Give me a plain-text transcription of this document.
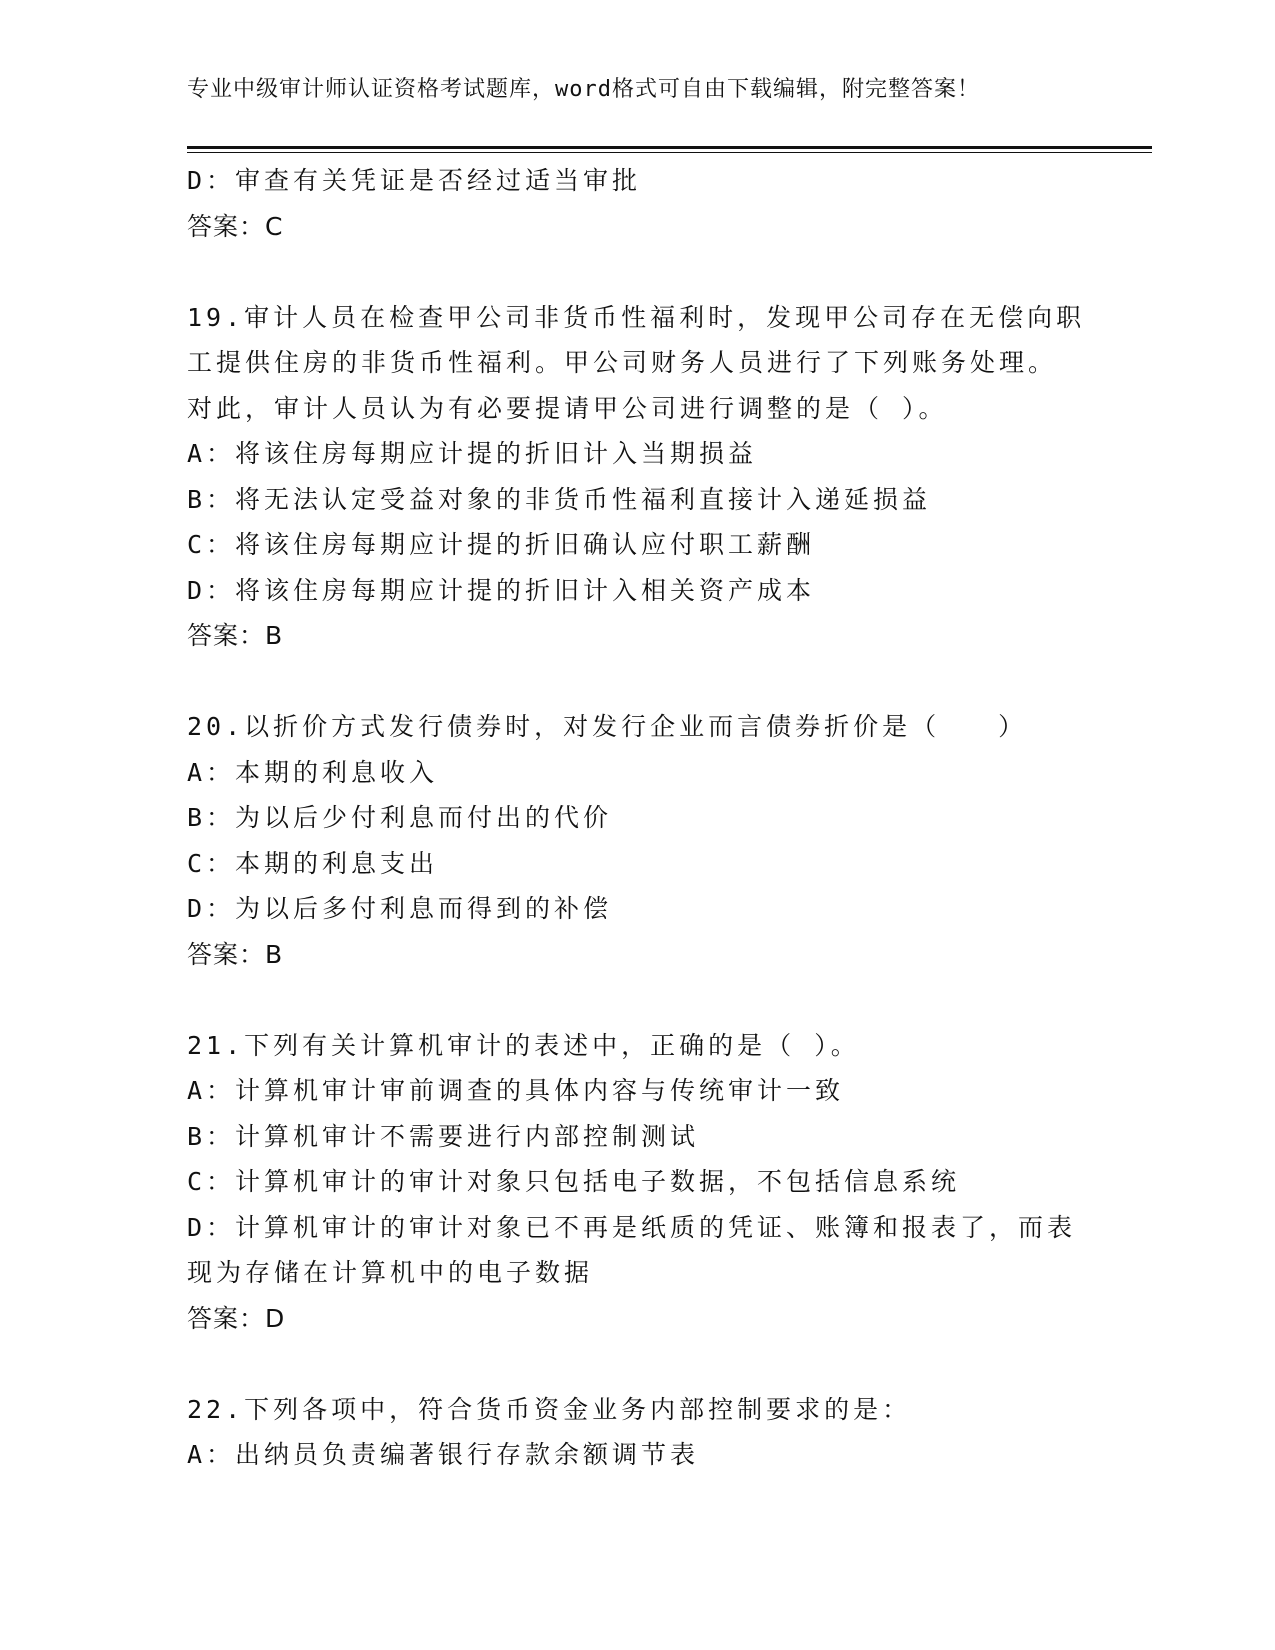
专业中级审计师认证资格考试题库，word格式可自由下载编辑，附完整答案！
D：审查有关凭证是否经过适当审批
答案：C
19.审计人员在检查甲公司非货币性福利时，发现甲公司存在无偿向职
工提供住房的非货币性福利。甲公司财务人员进行了下列账务处理。
对此，审计人员认为有必要提请甲公司进行调整的是（ ）。
A：将该住房每期应计提的折旧计入当期损益
B：将无法认定受益对象的非货币性福利直接计入递延损益
C：将该住房每期应计提的折旧确认应付职工薪酬
D：将该住房每期应计提的折旧计入相关资产成本
答案：B
20.以折价方式发行债券时，对发行企业而言债券折价是（　　）
A：本期的利息收入
B：为以后少付利息而付出的代价
C：本期的利息支出
D：为以后多付利息而得到的补偿
答案：B
21.下列有关计算机审计的表述中，正确的是（ ）。
A：计算机审计审前调查的具体内容与传统审计一致
B：计算机审计不需要进行内部控制测试
C：计算机审计的审计对象只包括电子数据，不包括信息系统
D：计算机审计的审计对象已不再是纸质的凭证、账簿和报表了，而表
现为存储在计算机中的电子数据
答案：D
22.下列各项中，符合货币资金业务内部控制要求的是：
A：出纳员负责编著银行存款余额调节表
